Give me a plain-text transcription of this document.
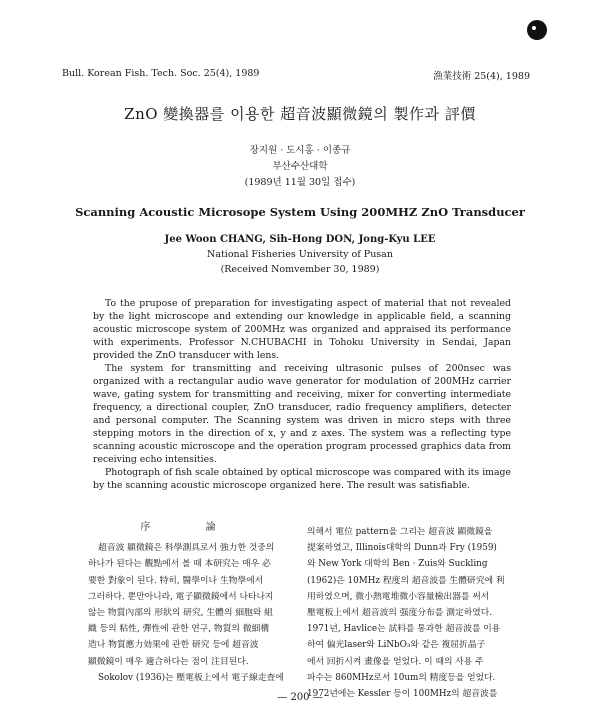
Bull. Korean Fish. Tech. Soc. 25(4), 1989	漁業技術 25(4), 1989
ZnO 變換器를 이용한 超音波顯微鏡의 製作과 評價
장지원 · 도시홍 · 이종규
부산수산대학
(1989년 11월 30일 접수)
Scanning Acoustic Microsope System Using 200MHZ ZnO Transducer
Jee Woon CHANG, Sih-Hong DON, Jong-Kyu LEE
National Fisheries University of Pusan
(Received Nomvember 30, 1989)

To the prupose of preparation for investigating aspect of material that not revealed by the light microscope and extending our knowledge in applicable field, a scanning acoustic microscope system of 200MHz was organized and appraised its performance with experiments. Professor N.CHUBACHI in Tohoku University in Sendai, Japan provided the ZnO transducer with lens.

The system for transmitting and receiving ultrasonic pulses of 200nsec was organized with a rectangular audio wave generator for modulation of 200MHz carrier wave, gating system for transmitting and receiving, mixer for converting intermediate frequency, a directional coupler, ZnO transducer, radio frequency amplifiers, detecter and personal computer. The Scanning system was driven in micro steps with three stepping motors in the direction of x, y and z axes. The system was a reflecting type scanning acoustic microscope and the operation program processed graphics data from receiving echo intensities.

Photograph of fish scale obtained by optical microscope was compared with its image by the scanning acoustic microscope organized here. The result was satisfiable.

序 論
超音波 顯微鏡은 科學測具로서 強力한 것중의
하나가 된다는 觀點에서 볼 때 本研究는 매우 必
要한 對象이 된다. 特히, 醫學이나 生物學에서
그러하다. 뿐만아니라, 電子顯微鏡에서 나타나지
않는 物質內部의 形狀의 研究, 生體의 細胞와 組
織 등의 粘性, 彈性에 관한 연구, 物質의 微細構
造나 物質應力効果에 관한 研究 등에 超音波
顯微鏡이 매우 適合하다는 점이 注目된다.
Sokolov (1936)는 壓電板上에서 電子線走査에
의해서 電位 pattern을 그리는 超音波 顯微鏡을
提案하였고, Illinois대학의 Dunn과 Fry (1959)
와 New York 대학의 Ben · Zuis와 Suckling
(1962)은 10MHz 程度의 超音波를 生體研究에 利
用하였으며, 微小熱電堆微小容量檢出器를 써서
壓電板上에서 超音波의 强度分布를 測定하였다.
1971년, Havlice는 試料를 통과한 超音波를 이용
하여 偏光laser와 LiNbO₃와 같은 複屈折晶子
에서 回折시켜 畫像을 얻었다. 이 때의 사용 주
파수는 860MHz로서 10um의 精度등을 얻었다.
1972년에는 Kessler 등이 100MHz의 超音波를
— 200 —
